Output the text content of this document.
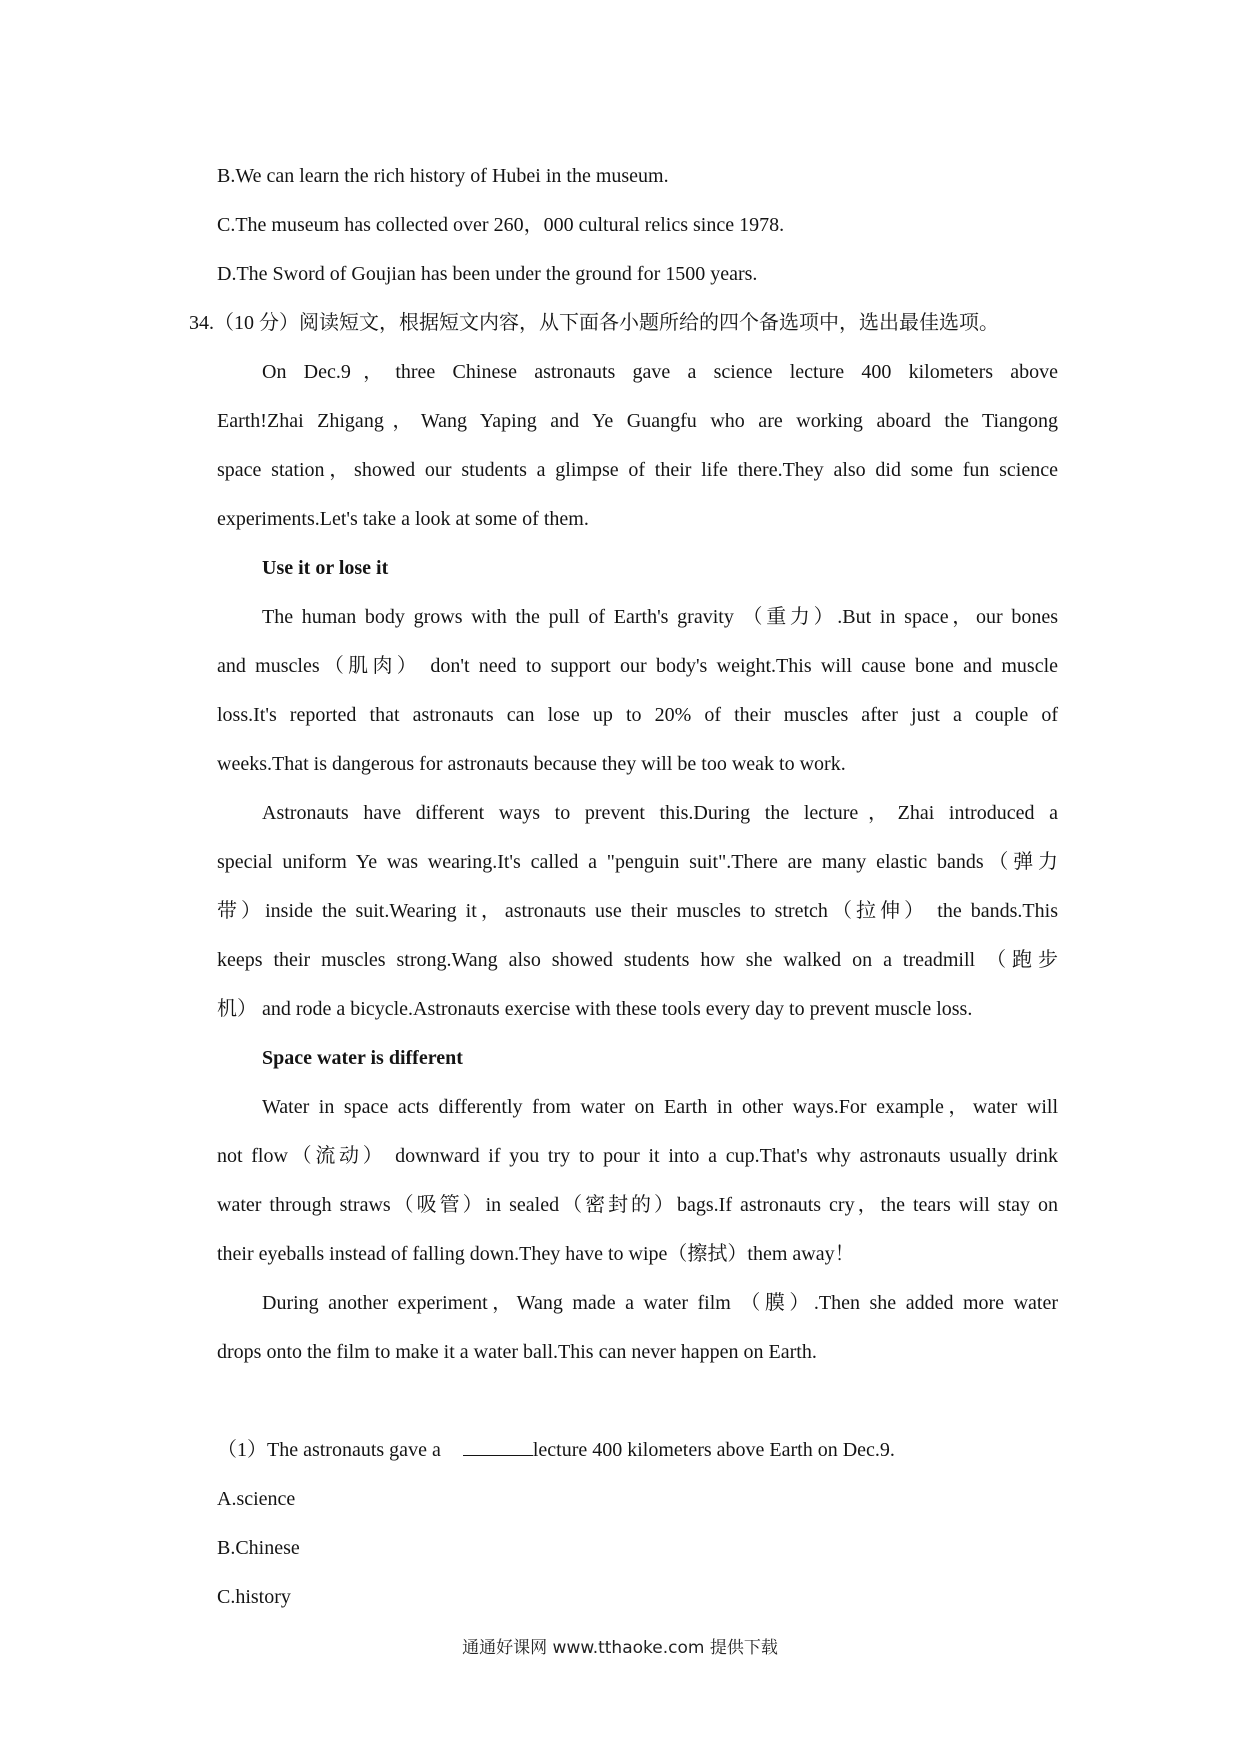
B.We can learn the rich history of Hubei in the museum.
C.The museum has collected over 260，000 cultural relics since 1978.
D.The Sword of Goujian has been under the ground for 1500 years.
34.（10 分）阅读短文，根据短文内容，从下面各小题所给的四个备选项中，选出最佳选项。
On Dec.9，three Chinese astronauts gave a science lecture 400 kilometers above
Earth!Zhai Zhigang，Wang Yaping and Ye Guangfu who are working aboard the Tiangong
space station，showed our students a glimpse of their life there.They also did some fun science
experiments.Let's take a look at some of them.
Use it or lose it
The human body grows with the pull of Earth's gravity （重力）.But in space，our bones
and muscles（肌肉） don't need to support our body's weight.This will cause bone and muscle
loss.It's reported that astronauts can lose up to 20% of their muscles after just a couple of
weeks.That is dangerous for astronauts because they will be too weak to work.
Astronauts have different ways to prevent this.During the lecture，Zhai introduced a
special uniform Ye was wearing.It's called a "penguin suit".There are many elastic bands（弹力
带）inside the suit.Wearing it，astronauts use their muscles to stretch（拉伸） the bands.This
keeps their muscles strong.Wang also showed students how she walked on a treadmill （跑步
机） and rode a bicycle.Astronauts exercise with these tools every day to prevent muscle loss.
Space water is different
Water in space acts differently from water on Earth in other ways.For example，water will
not flow（流动） downward if you try to pour it into a cup.That's why astronauts usually drink
water through straws（吸管）in sealed（密封的）bags.If astronauts cry，the tears will stay on
their eyeballs instead of falling down.They have to wipe（擦拭）them away！
During another experiment，Wang made a water film （膜）.Then she added more water
drops onto the film to make it a water ball.This can never happen on Earth.
（1）The astronauts gave a	lecture 400 kilometers above Earth on Dec.9.
A.science
B.Chinese
C.history
通通好课网 www.tthaoke.com 提供下载
